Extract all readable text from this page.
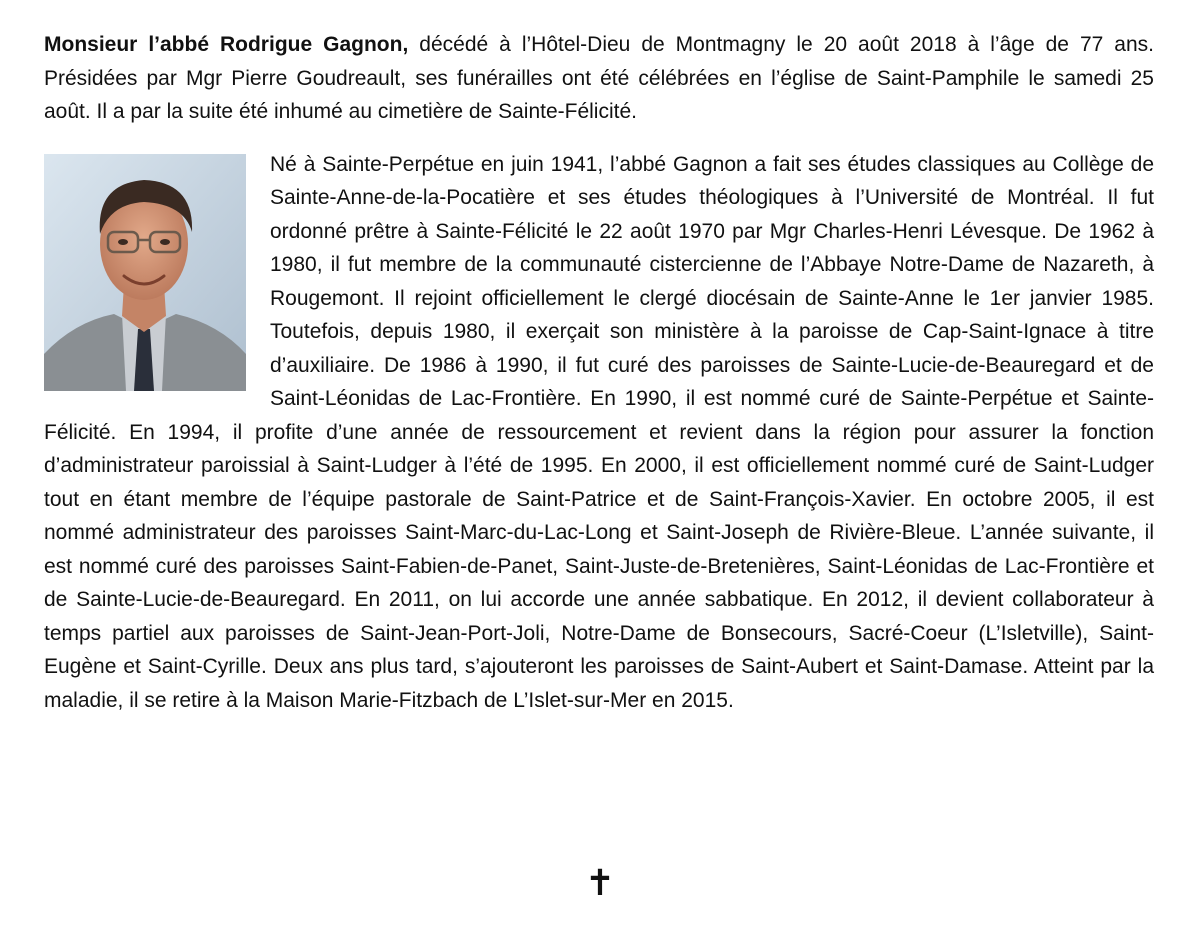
Monsieur l’abbé Rodrigue Gagnon, décédé à l’Hôtel-Dieu de Montmagny le 20 août 2018 à l’âge de 77 ans. Présidées par Mgr Pierre Goudreault, ses funérailles ont été célébrées en l’église de Saint-Pamphile le samedi 25 août. Il a par la suite été inhumé au cimetière de Sainte-Félicité.

Né à Sainte-Perpétue en juin 1941, l’abbé Gagnon a fait ses études classiques au Collège de Sainte-Anne-de-la-Pocatière et ses études théologiques à l’Université de Montréal. Il fut ordonné prêtre à Sainte-Félicité le 22 août 1970 par Mgr Charles-Henri Lévesque. De 1962 à 1980, il fut membre de la communauté cistercienne de l’Abbaye Notre-Dame de Nazareth, à Rougemont. Il rejoint officiellement le clergé diocésain de Sainte-Anne le 1er janvier 1985. Toutefois, depuis 1980, il exerçait son ministère à la paroisse de Cap-Saint-Ignace à titre d’auxiliaire. De 1986 à 1990, il fut curé des paroisses de Sainte-Lucie-de-Beauregard et de Saint-Léonidas de Lac-Frontière. En 1990, il est nommé curé de Sainte-Perpétue et Sainte-Félicité. En 1994, il profite d’une année de ressourcement et revient dans la région pour assurer la fonction d’administrateur paroissial à Saint-Ludger à l’été de 1995. En 2000, il est officiellement nommé curé de Saint-Ludger tout en étant membre de l’équipe pastorale de Saint-Patrice et de Saint-François-Xavier. En octobre 2005, il est nommé administrateur des paroisses Saint-Marc-du-Lac-Long et Saint-Joseph de Rivière-Bleue. L’année suivante, il est nommé curé des paroisses Saint-Fabien-de-Panet, Saint-Juste-de-Bretenières, Saint-Léonidas de Lac-Frontière et de Sainte-Lucie-de-Beauregard. En 2011, on lui accorde une année sabbatique. En 2012, il devient collaborateur à temps partiel aux paroisses de Saint-Jean-Port-Joli, Notre-Dame de Bonsecours, Sacré-Coeur (L’Isletville), Saint-Eugène et Saint-Cyrille. Deux ans plus tard, s’ajouteront les paroisses de Saint-Aubert et Saint-Damase. Atteint par la maladie, il se retire à la Maison Marie-Fitzbach de L’Islet-sur-Mer en 2015.

✝
